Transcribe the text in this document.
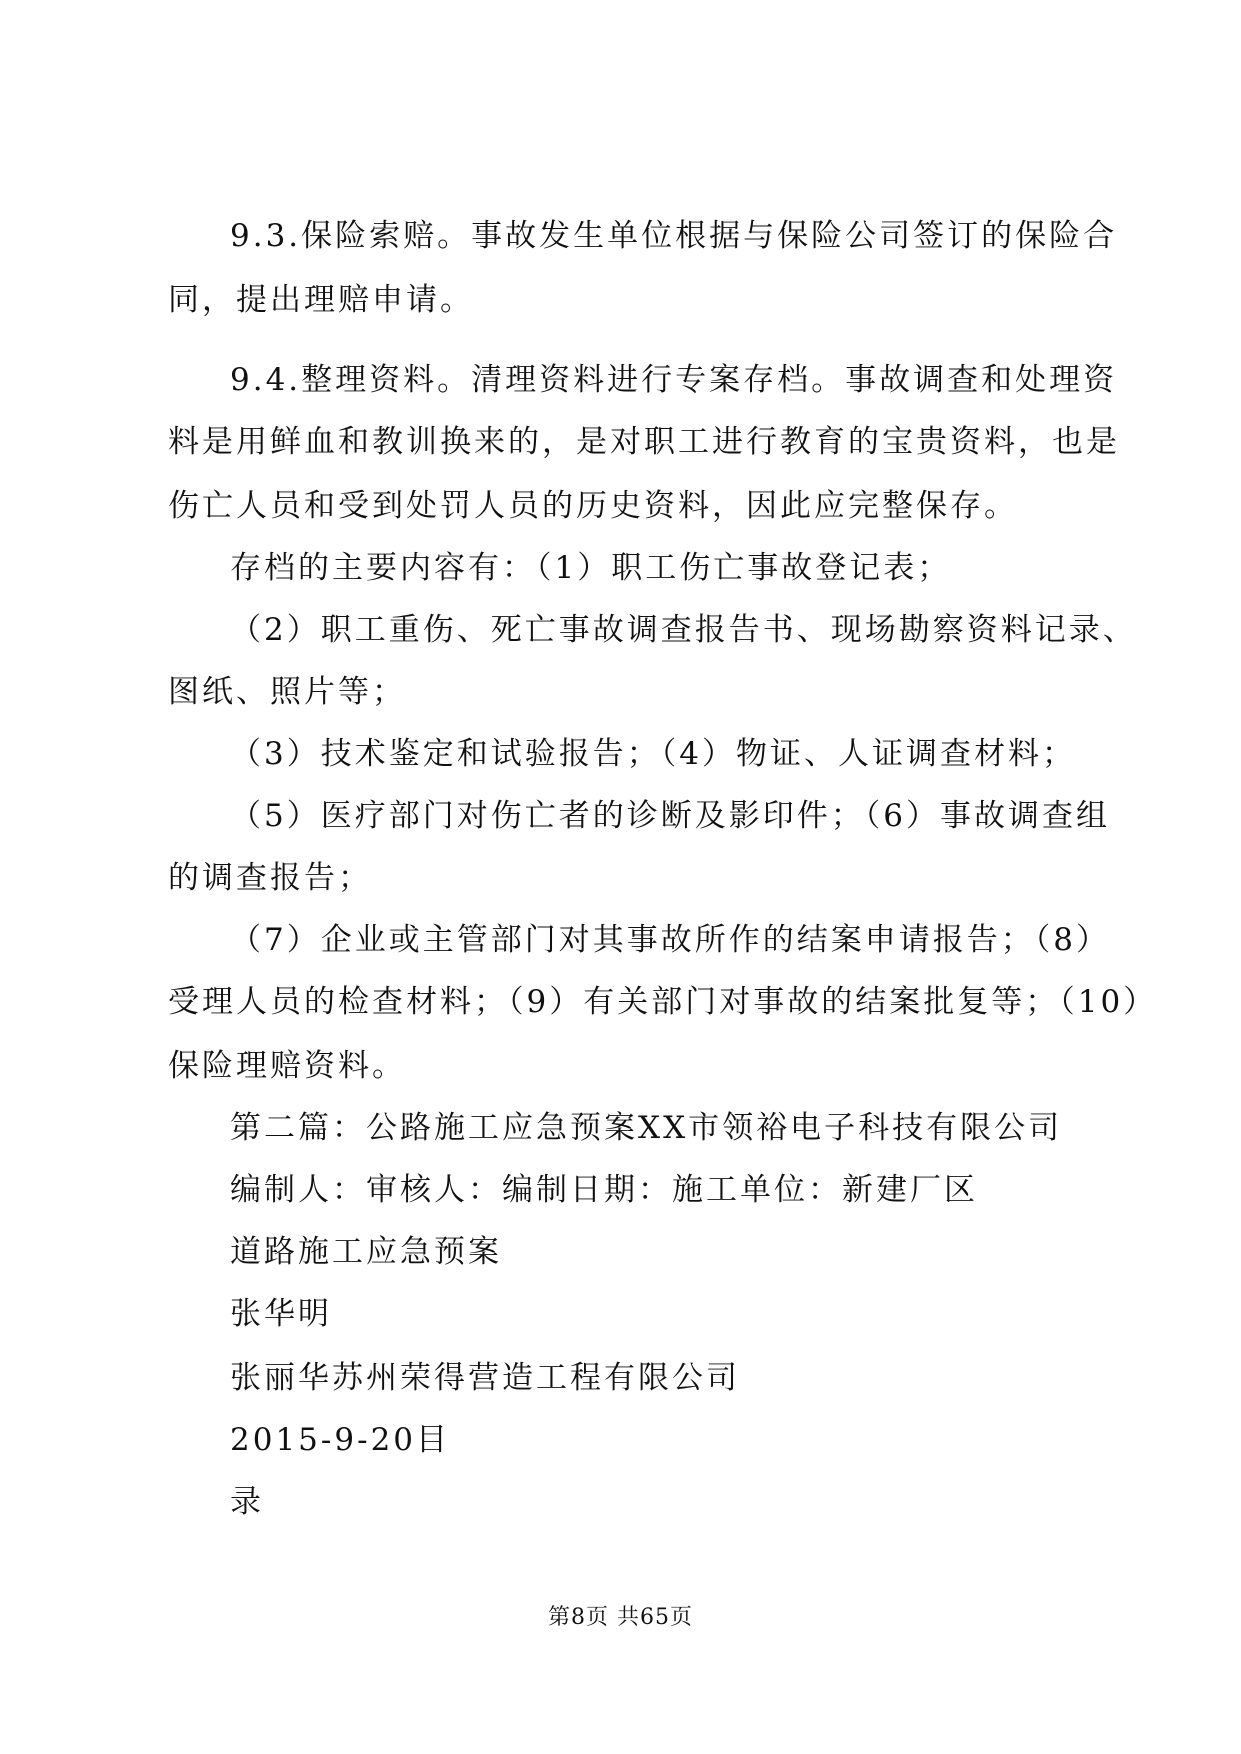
9.3.保险索赔。事故发生单位根据与保险公司签订的保险合
同，提出理赔申请。
9.4.整理资料。清理资料进行专案存档。事故调查和处理资
料是用鲜血和教训换来的，是对职工进行教育的宝贵资料，也是
伤亡人员和受到处罚人员的历史资料，因此应完整保存。
存档的主要内容有：（1）职工伤亡事故登记表；
（2）职工重伤、死亡事故调查报告书、现场勘察资料记录、
图纸、照片等；
（3）技术鉴定和试验报告；（4）物证、人证调查材料；
（5）医疗部门对伤亡者的诊断及影印件；（6）事故调查组
的调查报告；
（7）企业或主管部门对其事故所作的结案申请报告；（8）
受理人员的检查材料；（9）有关部门对事故的结案批复等；（10）
保险理赔资料。
第二篇：公路施工应急预案XX市领裕电子科技有限公司
编制人：审核人：编制日期：施工单位：新建厂区
道路施工应急预案
张华明
张丽华苏州荣得营造工程有限公司
2015-9-20目
录
第8页 共65页
